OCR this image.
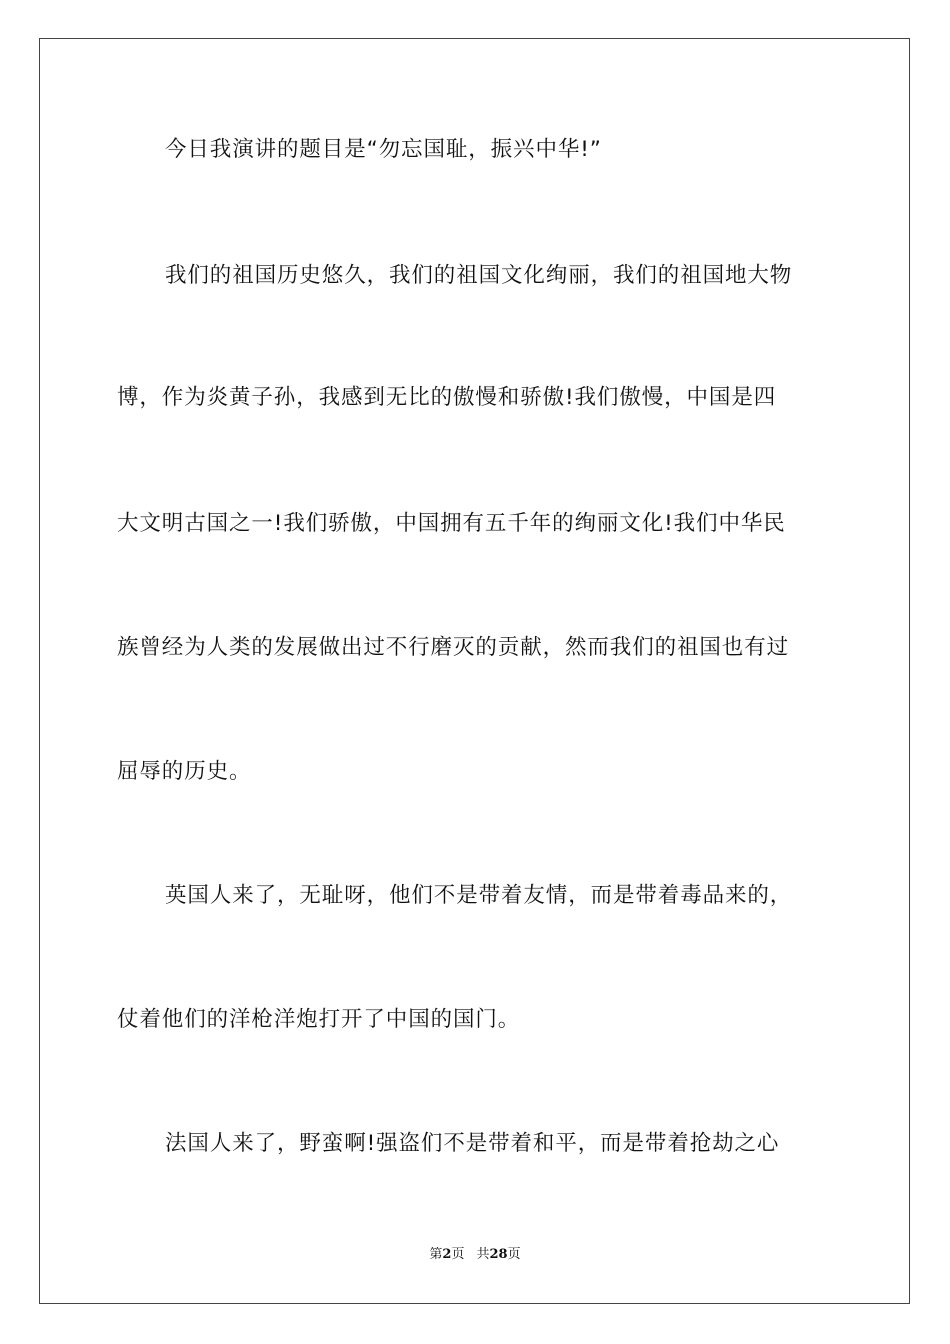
今日我演讲的题目是“勿忘国耻，振兴中华!”
我们的祖国历史悠久，我们的祖国文化绚丽，我们的祖国地大物
博，作为炎黄子孙，我感到无比的傲慢和骄傲!我们傲慢，中国是四
大文明古国之一!我们骄傲，中国拥有五千年的绚丽文化!我们中华民
族曾经为人类的发展做出过不行磨灭的贡献，然而我们的祖国也有过
屈辱的历史。
英国人来了，无耻呀，他们不是带着友情，而是带着毒品来的，
仗着他们的洋枪洋炮打开了中国的国门。
法国人来了，野蛮啊!强盗们不是带着和平，而是带着抢劫之心
第2页 共28页
